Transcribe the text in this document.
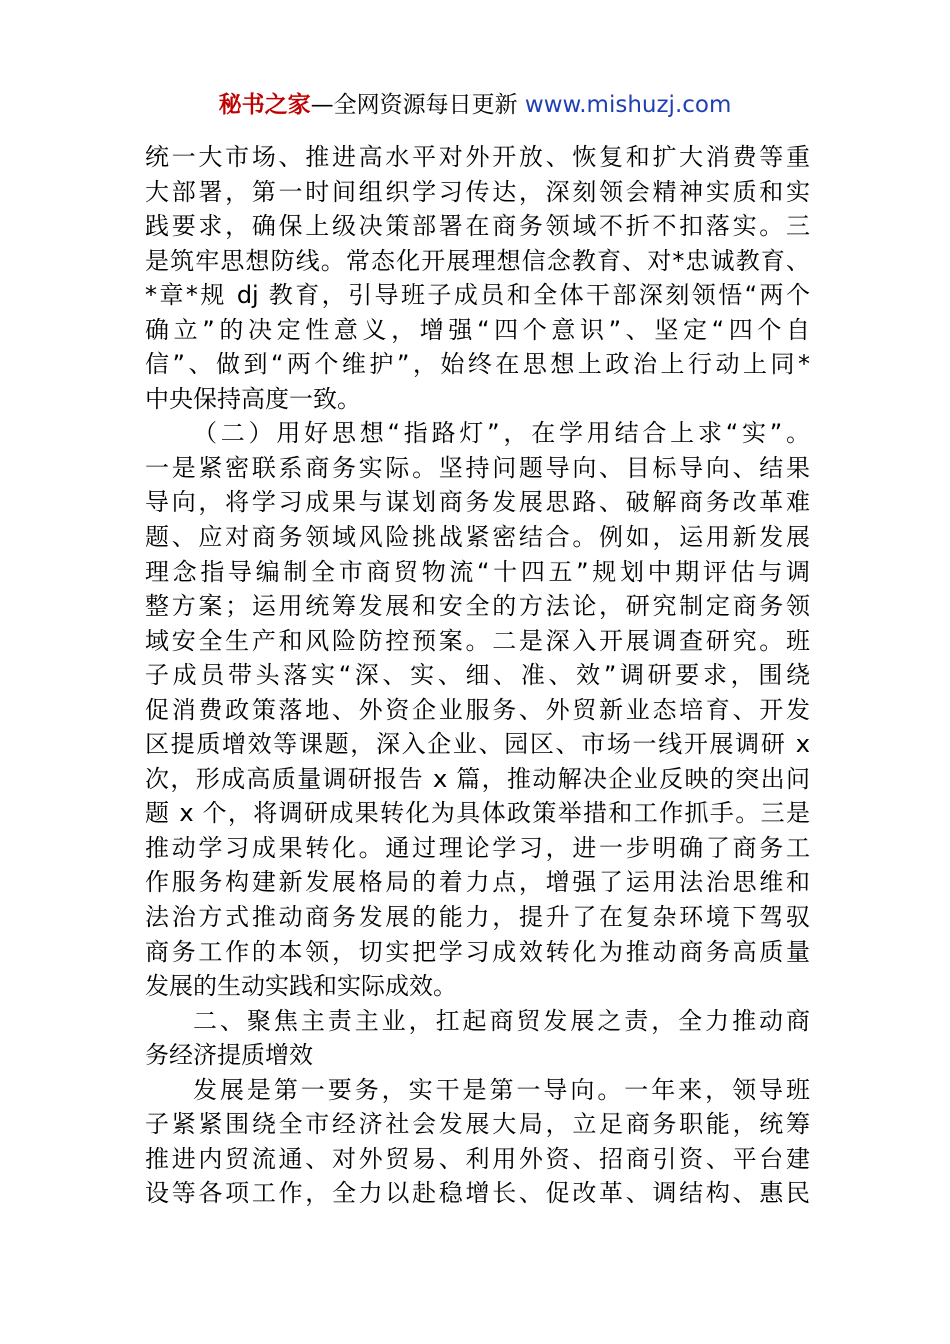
秘书之家—全网资源每日更新 www.mishuzj.com
统一大市场、推进高水平对外开放、恢复和扩大消费等重
大部署，第一时间组织学习传达，深刻领会精神实质和实
践要求，确保上级决策部署在商务领域不折不扣落实。三
是筑牢思想防线。常态化开展理想信念教育、对*忠诚教育、
*章*规 dj 教育，引导班子成员和全体干部深刻领悟“两个
确立”的决定性意义，增强“四个意识”、坚定“四个自
信”、做到“两个维护”，始终在思想上政治上行动上同*
中央保持高度一致。
（二）用好思想“指路灯”，在学用结合上求“实”。
一是紧密联系商务实际。坚持问题导向、目标导向、结果
导向，将学习成果与谋划商务发展思路、破解商务改革难
题、应对商务领域风险挑战紧密结合。例如，运用新发展
理念指导编制全市商贸物流“十四五”规划中期评估与调
整方案；运用统筹发展和安全的方法论，研究制定商务领
域安全生产和风险防控预案。二是深入开展调查研究。班
子成员带头落实“深、实、细、准、效”调研要求，围绕
促消费政策落地、外资企业服务、外贸新业态培育、开发
区提质增效等课题，深入企业、园区、市场一线开展调研 x
次，形成高质量调研报告 x 篇，推动解决企业反映的突出问
题 x 个，将调研成果转化为具体政策举措和工作抓手。三是
推动学习成果转化。通过理论学习，进一步明确了商务工
作服务构建新发展格局的着力点，增强了运用法治思维和
法治方式推动商务发展的能力，提升了在复杂环境下驾驭
商务工作的本领，切实把学习成效转化为推动商务高质量
发展的生动实践和实际成效。
二、聚焦主责主业，扛起商贸发展之责，全力推动商
务经济提质增效
发展是第一要务，实干是第一导向。一年来，领导班
子紧紧围绕全市经济社会发展大局，立足商务职能，统筹
推进内贸流通、对外贸易、利用外资、招商引资、平台建
设等各项工作，全力以赴稳增长、促改革、调结构、惠民
